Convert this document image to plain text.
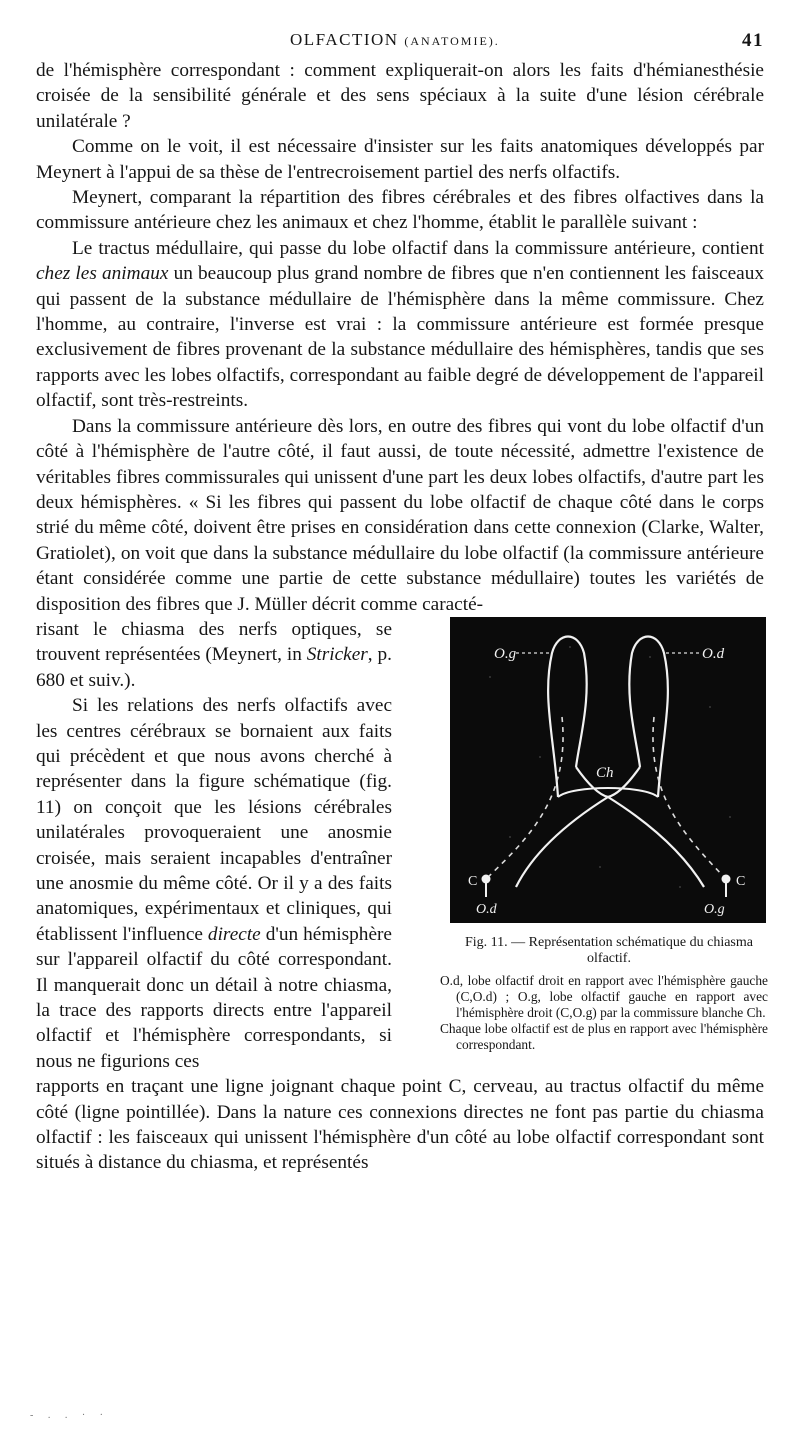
OLFACTION (ANATOMIE).	41

de l'hémisphère correspondant : comment expliquerait-on alors les faits d'hémianesthésie croisée de la sensibilité générale et des sens spéciaux à la suite d'une lésion cérébrale unilatérale ?

Comme on le voit, il est nécessaire d'insister sur les faits anatomiques développés par Meynert à l'appui de sa thèse de l'entrecroisement partiel des nerfs olfactifs.

Meynert, comparant la répartition des fibres cérébrales et des fibres olfactives dans la commissure antérieure chez les animaux et chez l'homme, établit le parallèle suivant :

Le tractus médullaire, qui passe du lobe olfactif dans la commissure antérieure, contient chez les animaux un beaucoup plus grand nombre de fibres que n'en contiennent les faisceaux qui passent de la substance médullaire de l'hémisphère dans la même commissure. Chez l'homme, au contraire, l'inverse est vrai : la commissure antérieure est formée presque exclusivement de fibres provenant de la substance médullaire des hémisphères, tandis que ses rapports avec les lobes olfactifs, correspondant au faible degré de développement de l'appareil olfactif, sont très-restreints.

Dans la commissure antérieure dès lors, en outre des fibres qui vont du lobe olfactif d'un côté à l'hémisphère de l'autre côté, il faut aussi, de toute nécessité, admettre l'existence de véritables fibres commissurales qui unissent d'une part les deux lobes olfactifs, d'autre part les deux hémisphères. « Si les fibres qui passent du lobe olfactif de chaque côté dans le corps strié du même côté, doivent être prises en considération dans cette connexion (Clarke, Walter, Gratiolet), on voit que dans la substance médullaire du lobe olfactif (la commissure antérieure étant considérée comme une partie de cette substance médullaire) toutes les variétés de disposition des fibres que J. Müller décrit comme caracté-

risant le chiasma des nerfs optiques, se trouvent représentées (Meynert, in Stricker, p. 680 et suiv.).

Si les relations des nerfs olfactifs avec les centres cérébraux se bornaient aux faits qui précèdent et que nous avons cherché à représenter dans la figure schématique (fig. 11) on conçoit que les lésions cérébrales unilatérales provoqueraient une anosmie croisée, mais seraient incapables d'entraîner une anosmie du même côté. Or il y a des faits anatomiques, expérimentaux et cliniques, qui établissent l'influence directe d'un hémisphère sur l'appareil olfactif du côté correspondant. Il manquerait donc un détail à notre chiasma, la trace des rapports directs entre l'appareil olfactif et l'hémisphère correspondants, si nous ne figurions ces

O.g	O.d
Ch
C	C
O.d	O.g

Fig. 11. — Représentation schématique du chiasma olfactif.

O.d, lobe olfactif droit en rapport avec l'hémisphère gauche (C,O.d) ; O.g, lobe olfactif gauche en rapport avec l'hémisphère droit (C,O.g) par la commissure blanche Ch.

Chaque lobe olfactif est de plus en rapport avec l'hémisphère correspondant.

rapports en traçant une ligne joignant chaque point C, cerveau, au tractus olfactif du même côté (ligne pointillée). Dans la nature ces connexions directes ne font pas partie du chiasma olfactif : les faisceaux qui unissent l'hémisphère d'un côté au lobe olfactif correspondant sont situés à distance du chiasma, et représentés

- . . · ·
